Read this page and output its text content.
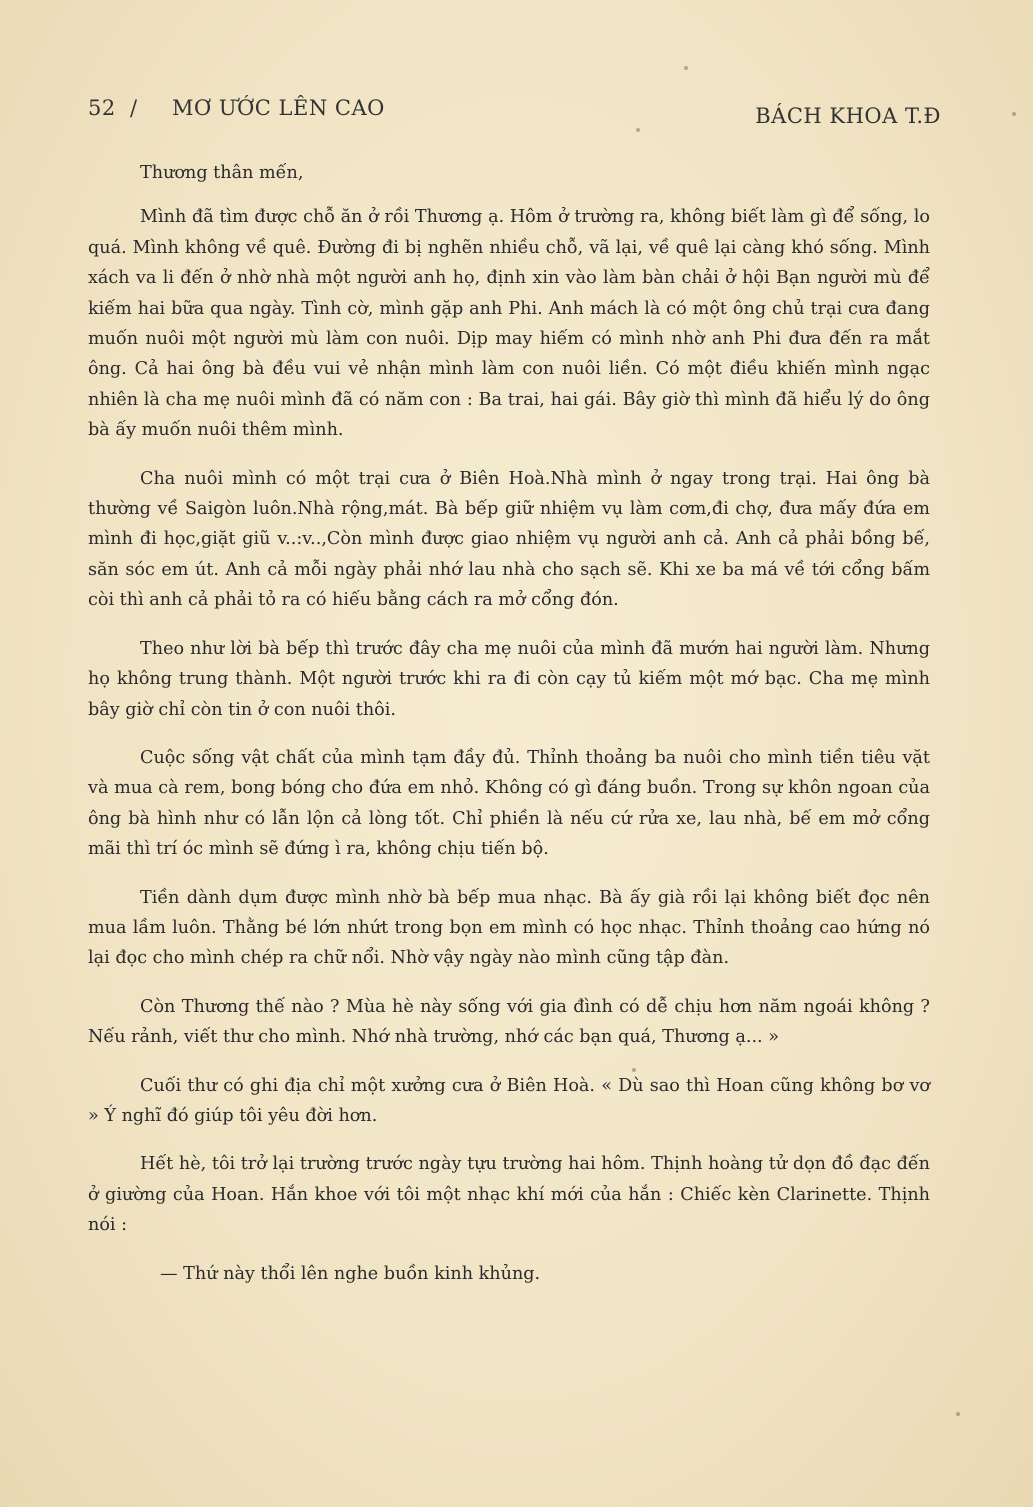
52 / MƠ ƯỚC LÊN CAO	BÁCH KHOA T.Đ

Thương thân mến,

Mình đã tìm được chỗ ăn ở rồi Thương ạ. Hôm ở trường ra, không biết làm gì để sống, lo quá. Mình không về quê. Đường đi bị nghẽn nhiều chỗ, vã lại, về quê lại càng khó sống. Mình xách va li đến ở nhờ nhà một người anh họ, định xin vào làm bàn chải ở hội Bạn người mù để kiếm hai bữa qua ngày. Tình cờ, mình gặp anh Phi. Anh mách là có một ông chủ trại cưa đang muốn nuôi một người mù làm con nuôi. Dịp may hiếm có mình nhờ anh Phi đưa đến ra mắt ông. Cả hai ông bà đều vui vẻ nhận mình làm con nuôi liền. Có một điều khiến mình ngạc nhiên là cha mẹ nuôi mình đã có năm con : Ba trai, hai gái. Bây giờ thì mình đã hiểu lý do ông bà ấy muốn nuôi thêm mình.

Cha nuôi mình có một trại cưa ở Biên Hoà.Nhà mình ở ngay trong trại. Hai ông bà thường về Saigòn luôn.Nhà rộng,mát. Bà bếp giữ nhiệm vụ làm cơm,đi chợ, đưa mấy đứa em mình đi học,giặt giũ v..:v..,Còn mình được giao nhiệm vụ người anh cả. Anh cả phải bồng bế, săn sóc em út. Anh cả mỗi ngày phải nhớ lau nhà cho sạch sẽ. Khi xe ba má về tới cổng bấm còi thì anh cả phải tỏ ra có hiếu bằng cách ra mở cổng đón.

Theo như lời bà bếp thì trước đây cha mẹ nuôi của mình đã mướn hai người làm. Nhưng họ không trung thành. Một người trước khi ra đi còn cạy tủ kiếm một mớ bạc. Cha mẹ mình bây giờ chỉ còn tin ở con nuôi thôi.

Cuộc sống vật chất của mình tạm đầy đủ. Thỉnh thoảng ba nuôi cho mình tiền tiêu vặt và mua cà rem, bong bóng cho đứa em nhỏ. Không có gì đáng buồn. Trong sự khôn ngoan của ông bà hình như có lẫn lộn cả lòng tốt. Chỉ phiền là nếu cứ rửa xe, lau nhà, bế em mở cổng mãi thì trí óc mình sẽ đứng ì ra, không chịu tiến bộ.

Tiền dành dụm được mình nhờ bà bếp mua nhạc. Bà ấy già rồi lại không biết đọc nên mua lầm luôn. Thằng bé lớn nhứt trong bọn em mình có học nhạc. Thỉnh thoảng cao hứng nó lại đọc cho mình chép ra chữ nổi. Nhờ vậy ngày nào mình cũng tập đàn.

Còn Thương thế nào ? Mùa hè này sống với gia đình có dễ chịu hơn năm ngoái không ? Nếu rảnh, viết thư cho mình. Nhớ nhà trường, nhớ các bạn quá, Thương ạ... »

Cuối thư có ghi địa chỉ một xưởng cưa ở Biên Hoà. « Dù sao thì Hoan cũng không bơ vơ » Ý nghĩ đó giúp tôi yêu đời hơn.

Hết hè, tôi trở lại trường trước ngày tựu trường hai hôm. Thịnh hoàng tử dọn đồ đạc đến ở giường của Hoan. Hắn khoe với tôi một nhạc khí mới của hắn : Chiếc kèn Clarinette. Thịnh nói :

— Thứ này thổi lên nghe buồn kinh khủng.
